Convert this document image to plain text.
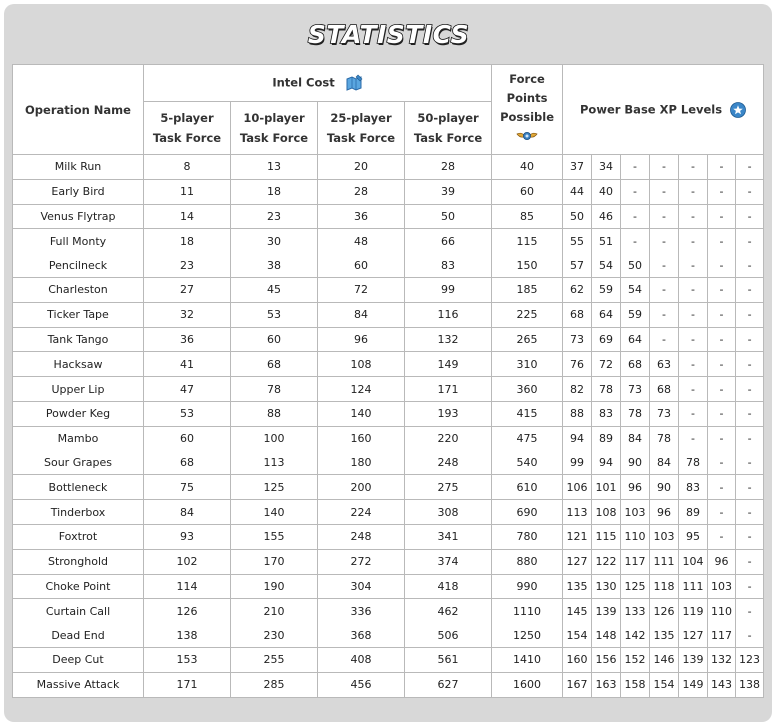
STATISTICS
Operation Name	Intel Cost				Force Points Possible	Power Base XP Levels						
	5-player Task Force	10-player Task Force	25-player Task Force	50-player Task Force								
Milk Run	8	13	20	28	40	37	34	-	-	-	-	-
Early Bird	11	18	28	39	60	44	40	-	-	-	-	-
Venus Flytrap	14	23	36	50	85	50	46	-	-	-	-	-
Full Monty	18	30	48	66	115	55	51	-	-	-	-	-
Pencilneck	23	38	60	83	150	57	54	50	-	-	-	-
Charleston	27	45	72	99	185	62	59	54	-	-	-	-
Ticker Tape	32	53	84	116	225	68	64	59	-	-	-	-
Tank Tango	36	60	96	132	265	73	69	64	-	-	-	-
Hacksaw	41	68	108	149	310	76	72	68	63	-	-	-
Upper Lip	47	78	124	171	360	82	78	73	68	-	-	-
Powder Keg	53	88	140	193	415	88	83	78	73	-	-	-
Mambo	60	100	160	220	475	94	89	84	78	-	-	-
Sour Grapes	68	113	180	248	540	99	94	90	84	78	-	-
Bottleneck	75	125	200	275	610	106	101	96	90	83	-	-
Tinderbox	84	140	224	308	690	113	108	103	96	89	-	-
Foxtrot	93	155	248	341	780	121	115	110	103	95	-	-
Stronghold	102	170	272	374	880	127	122	117	111	104	96	-
Choke Point	114	190	304	418	990	135	130	125	118	111	103	-
Curtain Call	126	210	336	462	1110	145	139	133	126	119	110	-
Dead End	138	230	368	506	1250	154	148	142	135	127	117	-
Deep Cut	153	255	408	561	1410	160	156	152	146	139	132	123
Massive Attack	171	285	456	627	1600	167	163	158	154	149	143	138
